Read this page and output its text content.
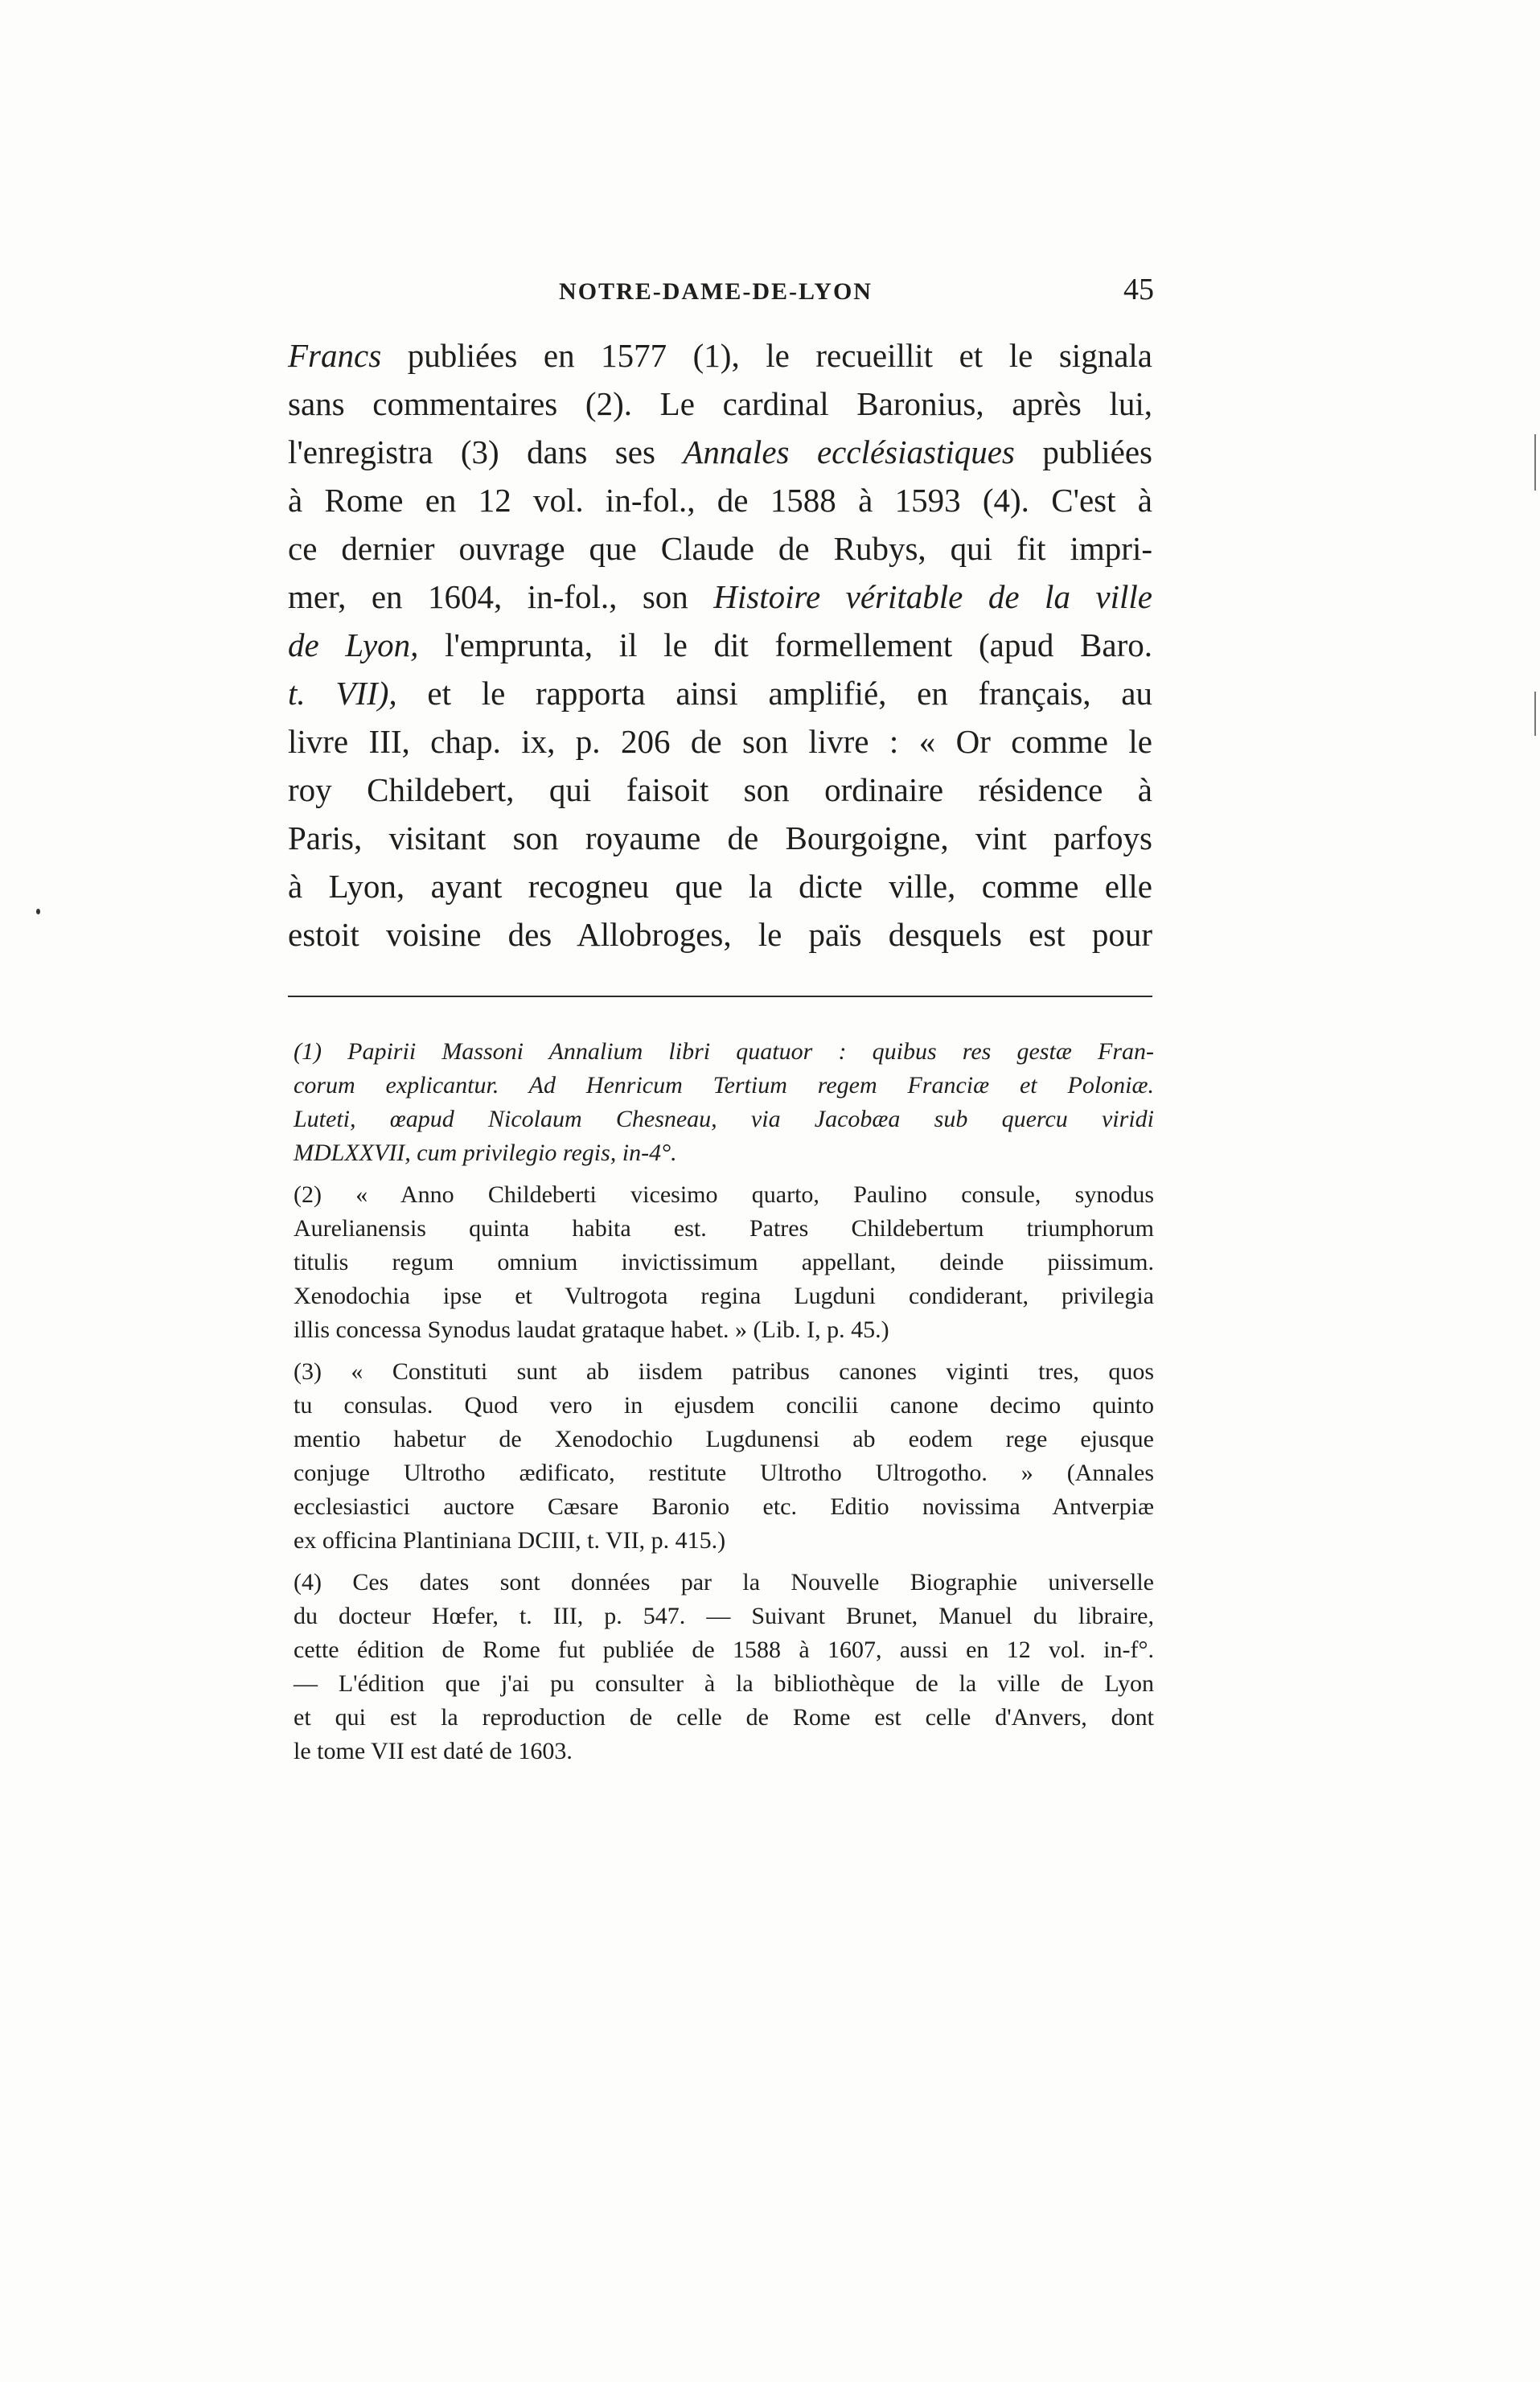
NOTRE-DAME-DE-LYON	45
Francs publiées en 1577 (1), le recueillit et le signala
sans commentaires (2). Le cardinal Baronius, après lui,
l'enregistra (3) dans ses Annales ecclésiastiques publiées
à Rome en 12 vol. in-fol., de 1588 à 1593 (4). C'est à
ce dernier ouvrage que Claude de Rubys, qui fit impri-
mer, en 1604, in-fol., son Histoire véritable de la ville
de Lyon, l'emprunta, il le dit formellement (apud Baro.
t. VII), et le rapporta ainsi amplifié, en français, au
livre III, chap. ix, p. 206 de son livre : « Or comme le
roy Childebert, qui faisoit son ordinaire résidence à
Paris, visitant son royaume de Bourgoigne, vint parfoys
à Lyon, ayant recogneu que la dicte ville, comme elle
estoit voisine des Allobroges, le païs desquels est pour
(1) Papirii Massoni Annalium libri quatuor : quibus res gestæ Fran-
corum explicantur. Ad Henricum Tertium regem Franciæ et Poloniæ.
Luteti, œapud Nicolaum Chesneau, via Jacobæa sub quercu viridi
MDLXXVII, cum privilegio regis, in-4°.
(2) « Anno Childeberti vicesimo quarto, Paulino consule, synodus
Aurelianensis quinta habita est. Patres Childebertum triumphorum
titulis regum omnium invictissimum appellant, deinde piissimum.
Xenodochia ipse et Vultrogota regina Lugduni condiderant, privilegia
illis concessa Synodus laudat grataque habet. » (Lib. I, p. 45.)
(3) « Constituti sunt ab iisdem patribus canones viginti tres, quos
tu consulas. Quod vero in ejusdem concilii canone decimo quinto
mentio habetur de Xenodochio Lugdunensi ab eodem rege ejusque
conjuge Ultrotho ædificato, restitute Ultrotho Ultrogotho. » (Annales
ecclesiastici auctore Cæsare Baronio etc. Editio novissima Antverpiæ
ex officina Plantiniana DCIII, t. VII, p. 415.)
(4) Ces dates sont données par la Nouvelle Biographie universelle
du docteur Hœfer, t. III, p. 547. — Suivant Brunet, Manuel du libraire,
cette édition de Rome fut publiée de 1588 à 1607, aussi en 12 vol. in-f°.
— L'édition que j'ai pu consulter à la bibliothèque de la ville de Lyon
et qui est la reproduction de celle de Rome est celle d'Anvers, dont
le tome VII est daté de 1603.
